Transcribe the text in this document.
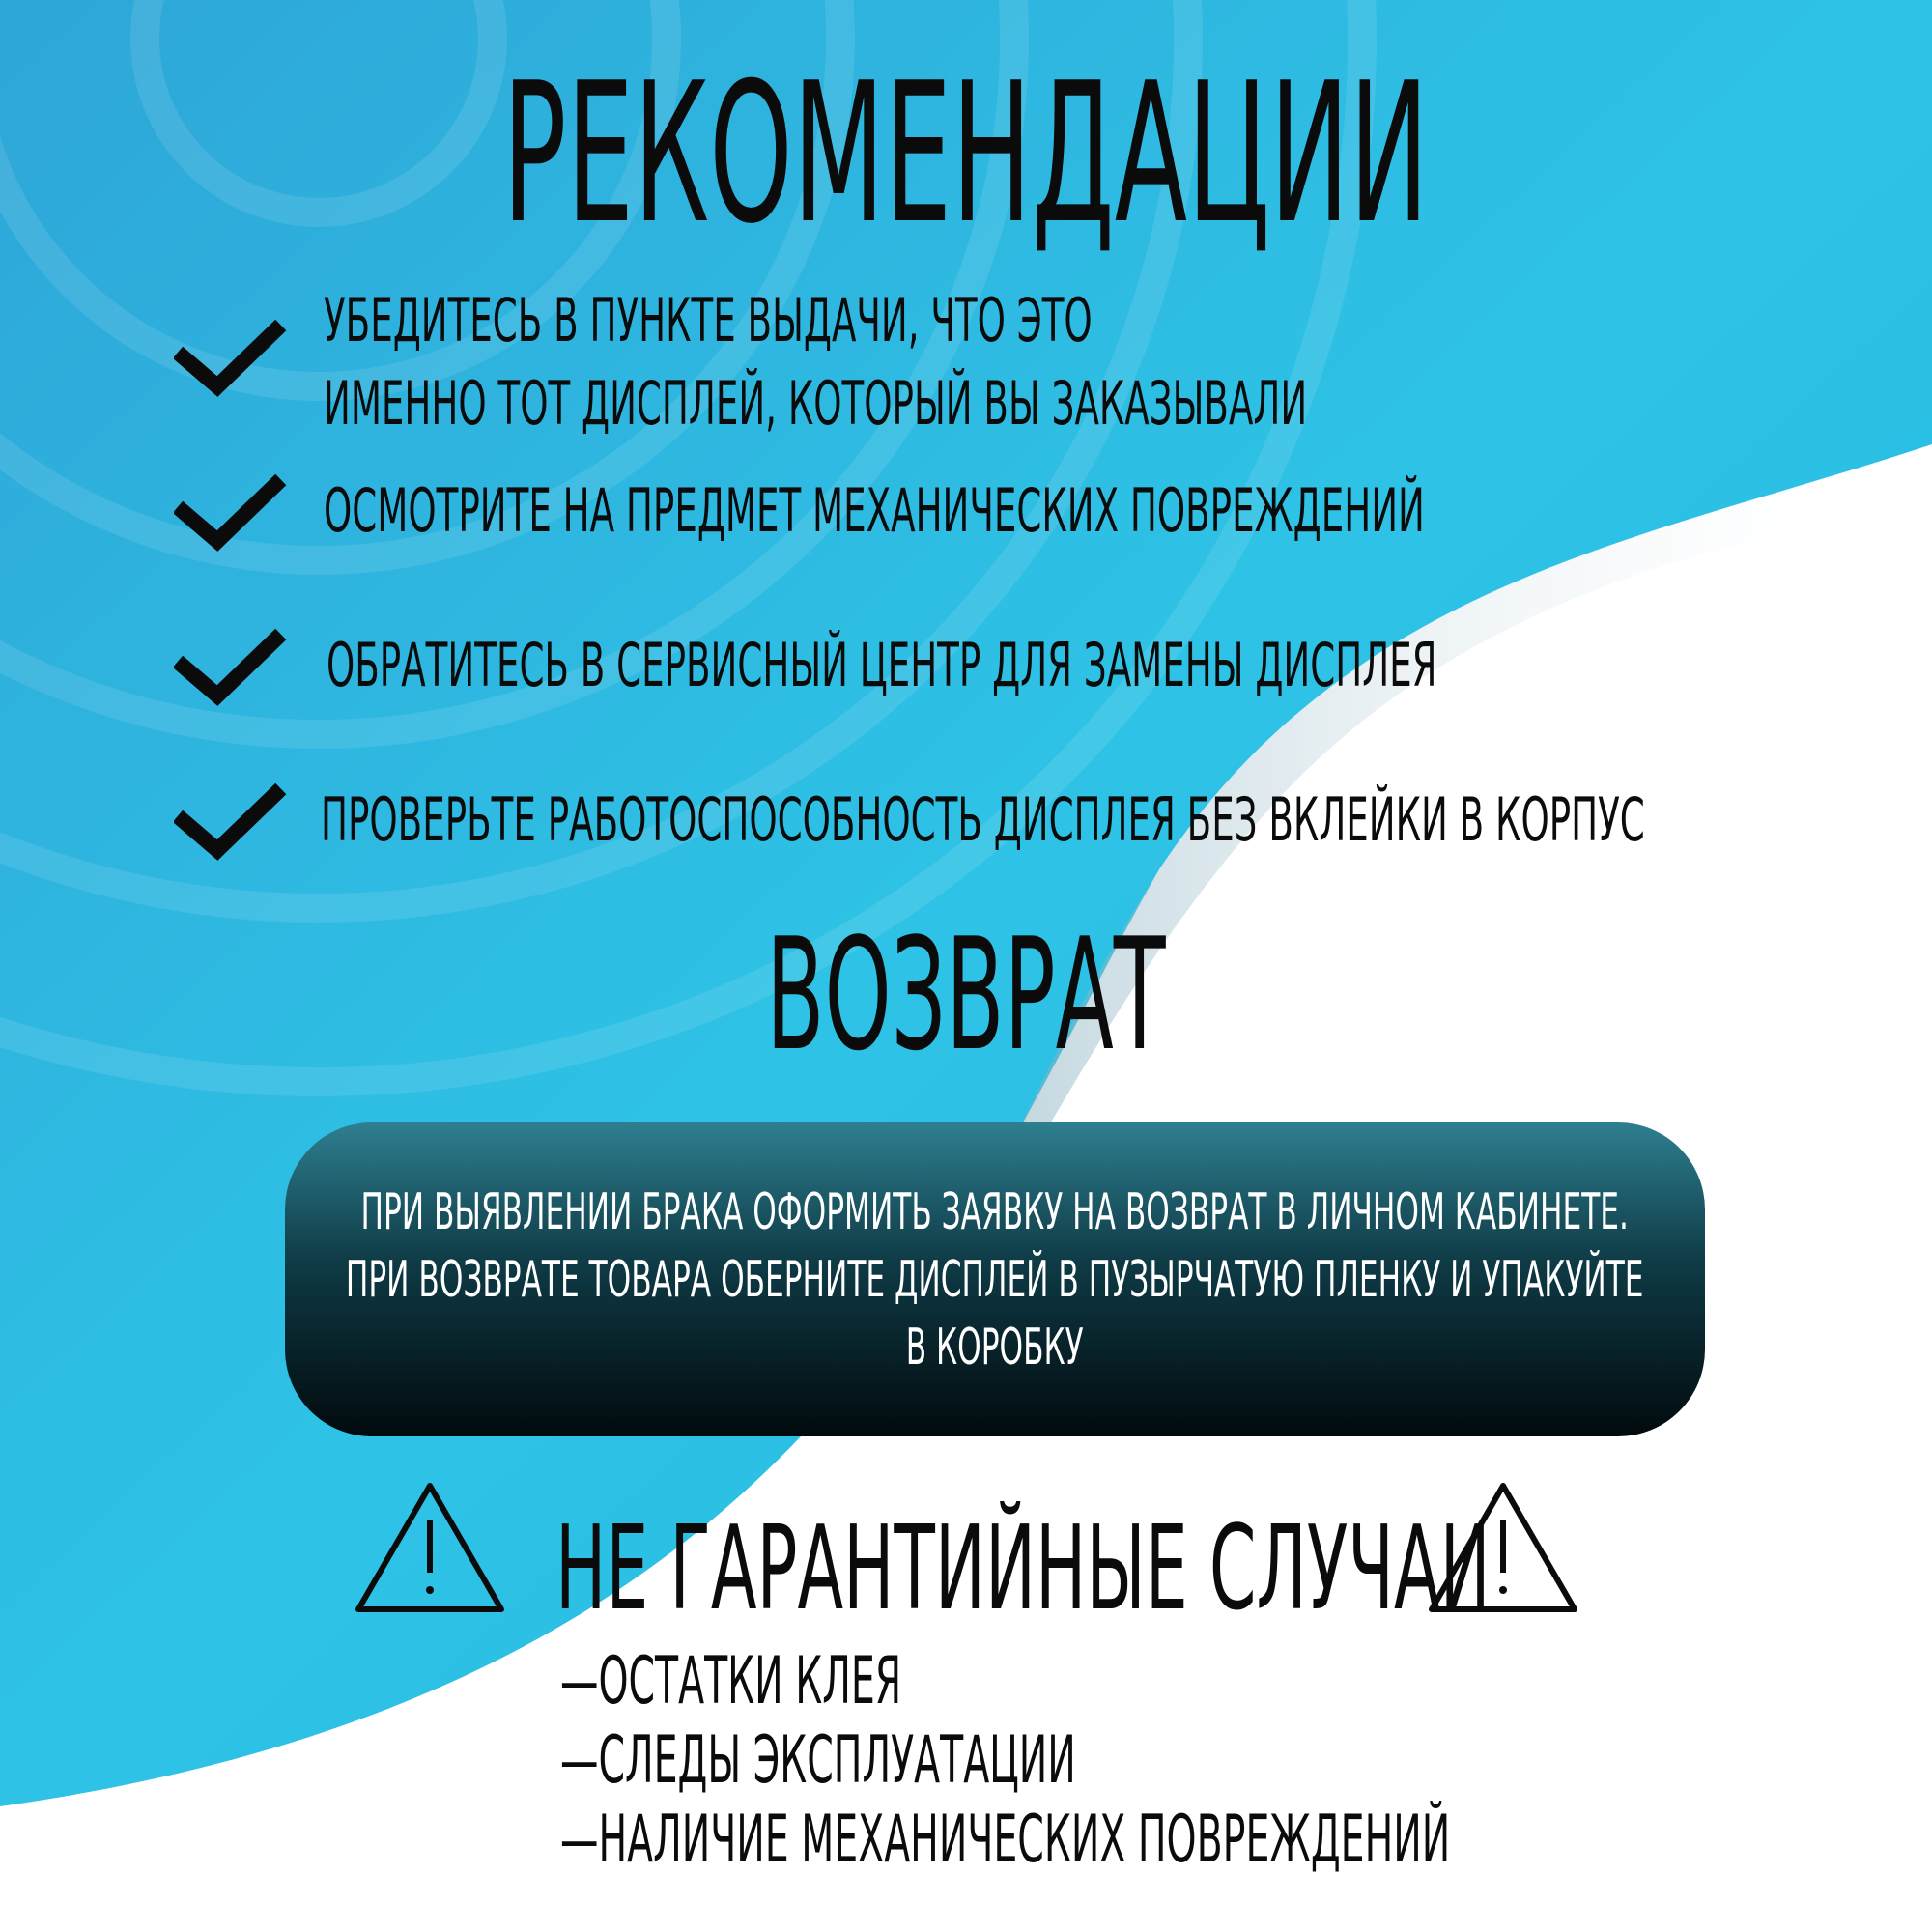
РЕКОМЕНДАЦИИ
УБЕДИТЕСЬ В ПУНКТЕ ВЫДАЧИ, ЧТО ЭТО
ИМЕННО ТОТ ДИСПЛЕЙ, КОТОРЫЙ ВЫ ЗАКАЗЫВАЛИ
ОСМОТРИТЕ НА ПРЕДМЕТ МЕХАНИЧЕСКИХ ПОВРЕЖДЕНИЙ
ОБРАТИТЕСЬ В СЕРВИСНЫЙ ЦЕНТР ДЛЯ ЗАМЕНЫ ДИСПЛЕЯ
ПРОВЕРЬТЕ РАБОТОСПОСОБНОСТЬ ДИСПЛЕЯ БЕЗ ВКЛЕЙКИ В КОРПУС
ВОЗВРАТ
ПРИ ВЫЯВЛЕНИИ БРАКА ОФОРМИТЬ ЗАЯВКУ НА ВОЗВРАТ В ЛИЧНОМ КАБИНЕТЕ.
ПРИ ВОЗВРАТЕ ТОВАРА ОБЕРНИТЕ ДИСПЛЕЙ В ПУЗЫРЧАТУЮ ПЛЕНКУ И УПАКУЙТЕ
В КОРОБКУ
НЕ ГАРАНТИЙНЫЕ СЛУЧАИ
—ОСТАТКИ КЛЕЯ
—СЛЕДЫ ЭКСПЛУАТАЦИИ
—НАЛИЧИЕ МЕХАНИЧЕСКИХ ПОВРЕЖДЕНИЙ
